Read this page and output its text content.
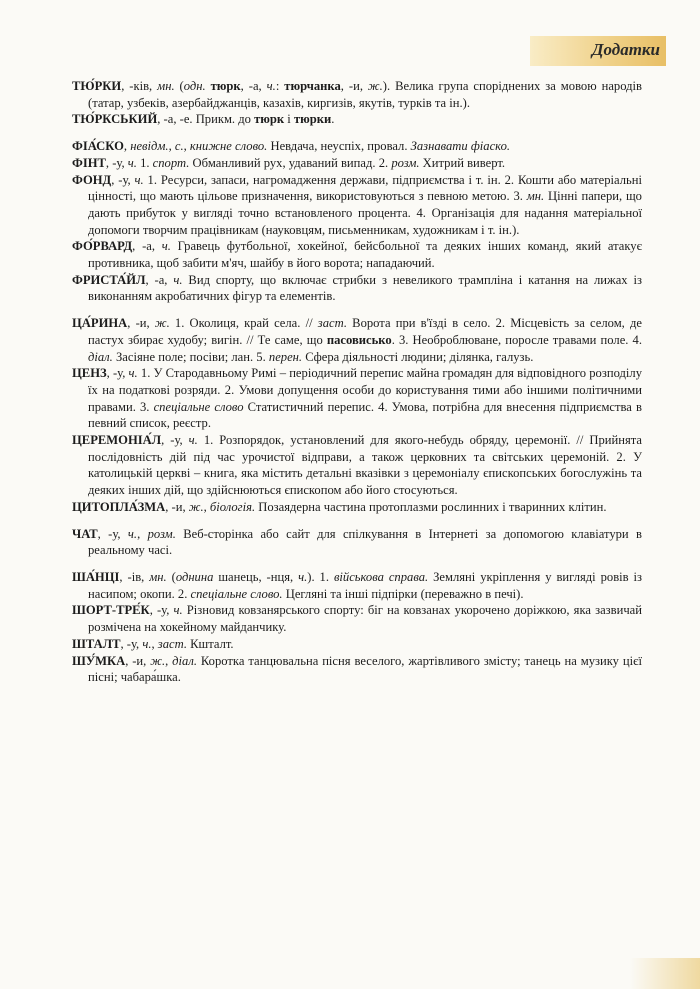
Додатки

ТЮ́РКИ, -ків, мн. (одн. тюрк, -а, ч.: тюрчанка, -и, ж.). Велика група споріднених за мовою народів (татар, узбеків, азербайджанців, казахів, киргизів, якутів, турків та ін.).

ТЮ́РКСЬКИЙ, -а, -е. Прикм. до тюрк і тюрки.

ФІА́СКО, невідм., с., книжне слово. Невдача, неуспіх, провал. Зазнавати фіаско.

ФІНТ, -у, ч. 1. спорт. Обманливий рух, удаваний випад. 2. розм. Хитрий виверт.

ФОНД, -у, ч. 1. Ресурси, запаси, нагромадження держави, підприємства і т. ін. 2. Кошти або матеріальні цінності, що мають цільове призначення, використовуються з певною метою. 3. мн. Цінні папери, що дають прибуток у вигляді точно встановленого процента. 4. Організація для надання матеріальної допомоги творчим працівникам (науковцям, письменникам, художникам і т. ін.).

ФО́РВАРД, -а, ч. Гравець футбольної, хокейної, бейсбольної та деяких інших команд, який атакує противника, щоб забити м'яч, шайбу в його ворота; нападаючий.

ФРИСТА́ЙЛ, -а, ч. Вид спорту, що включає стрибки з невеликого трампліна і катання на лижах із виконанням акробатичних фігур та елементів.

ЦА́РИНА, -и, ж. 1. Околиця, край села. // заст. Ворота при в'їзді в село. 2. Місцевість за селом, де пастух збирає худобу; вигін. // Те саме, що пасовисько. 3. Необроблюване, поросле травами поле. 4. діал. Засіяне поле; посіви; лан. 5. перен. Сфера діяльності людини; ділянка, галузь.

ЦЕНЗ, -у, ч. 1. У Стародавньому Римі – періодичний перепис майна громадян для відповідного розподілу їх на податкові розряди. 2. Умови допущення особи до користування тими або іншими політичними правами. 3. спеціальне слово Статистичний перепис. 4. Умова, потрібна для внесення підприємства в певний список, реєстр.

ЦЕРЕМОНІА́Л, -у, ч. 1. Розпорядок, установлений для якого-небудь обряду, церемонії. // Прийнята послідовність дій під час урочистої відправи, а також церковних та світських церемоній. 2. У католицькій церкві – книга, яка містить детальні вказівки з церемоніалу єпископських богослужінь та деяких інших дій, що здійснюються єпископом або його стосуються.

ЦИТОПЛА́ЗМА, -и, ж., біологія. Позаядерна частина протоплазми рослинних і тваринних клітин.

ЧАТ, -у, ч., розм. Веб-сторінка або сайт для спілкування в Інтернеті за допомогою клавіатури в реальному часі.

ША́НЦІ, -ів, мн. (однина шанець, -нця, ч.). 1. військова справа. Земляні укріплення у вигляді ровів із насипом; окопи. 2. спеціальне слово. Цегляні та інші підпірки (переважно в печі).

ШОРТ-ТРЕ́К, -у, ч. Різновид ковзанярського спорту: біг на ковзанах укорочено доріжкою, яка зазвичай розмічена на хокейному майданчику.

ШТАЛТ, -у, ч., заст. Кшталт.

ШУ́МКА, -и, ж., діал. Коротка танцювальна пісня веселого, жартівливого змісту; танець на музику цієї пісні; чабара́шка.
